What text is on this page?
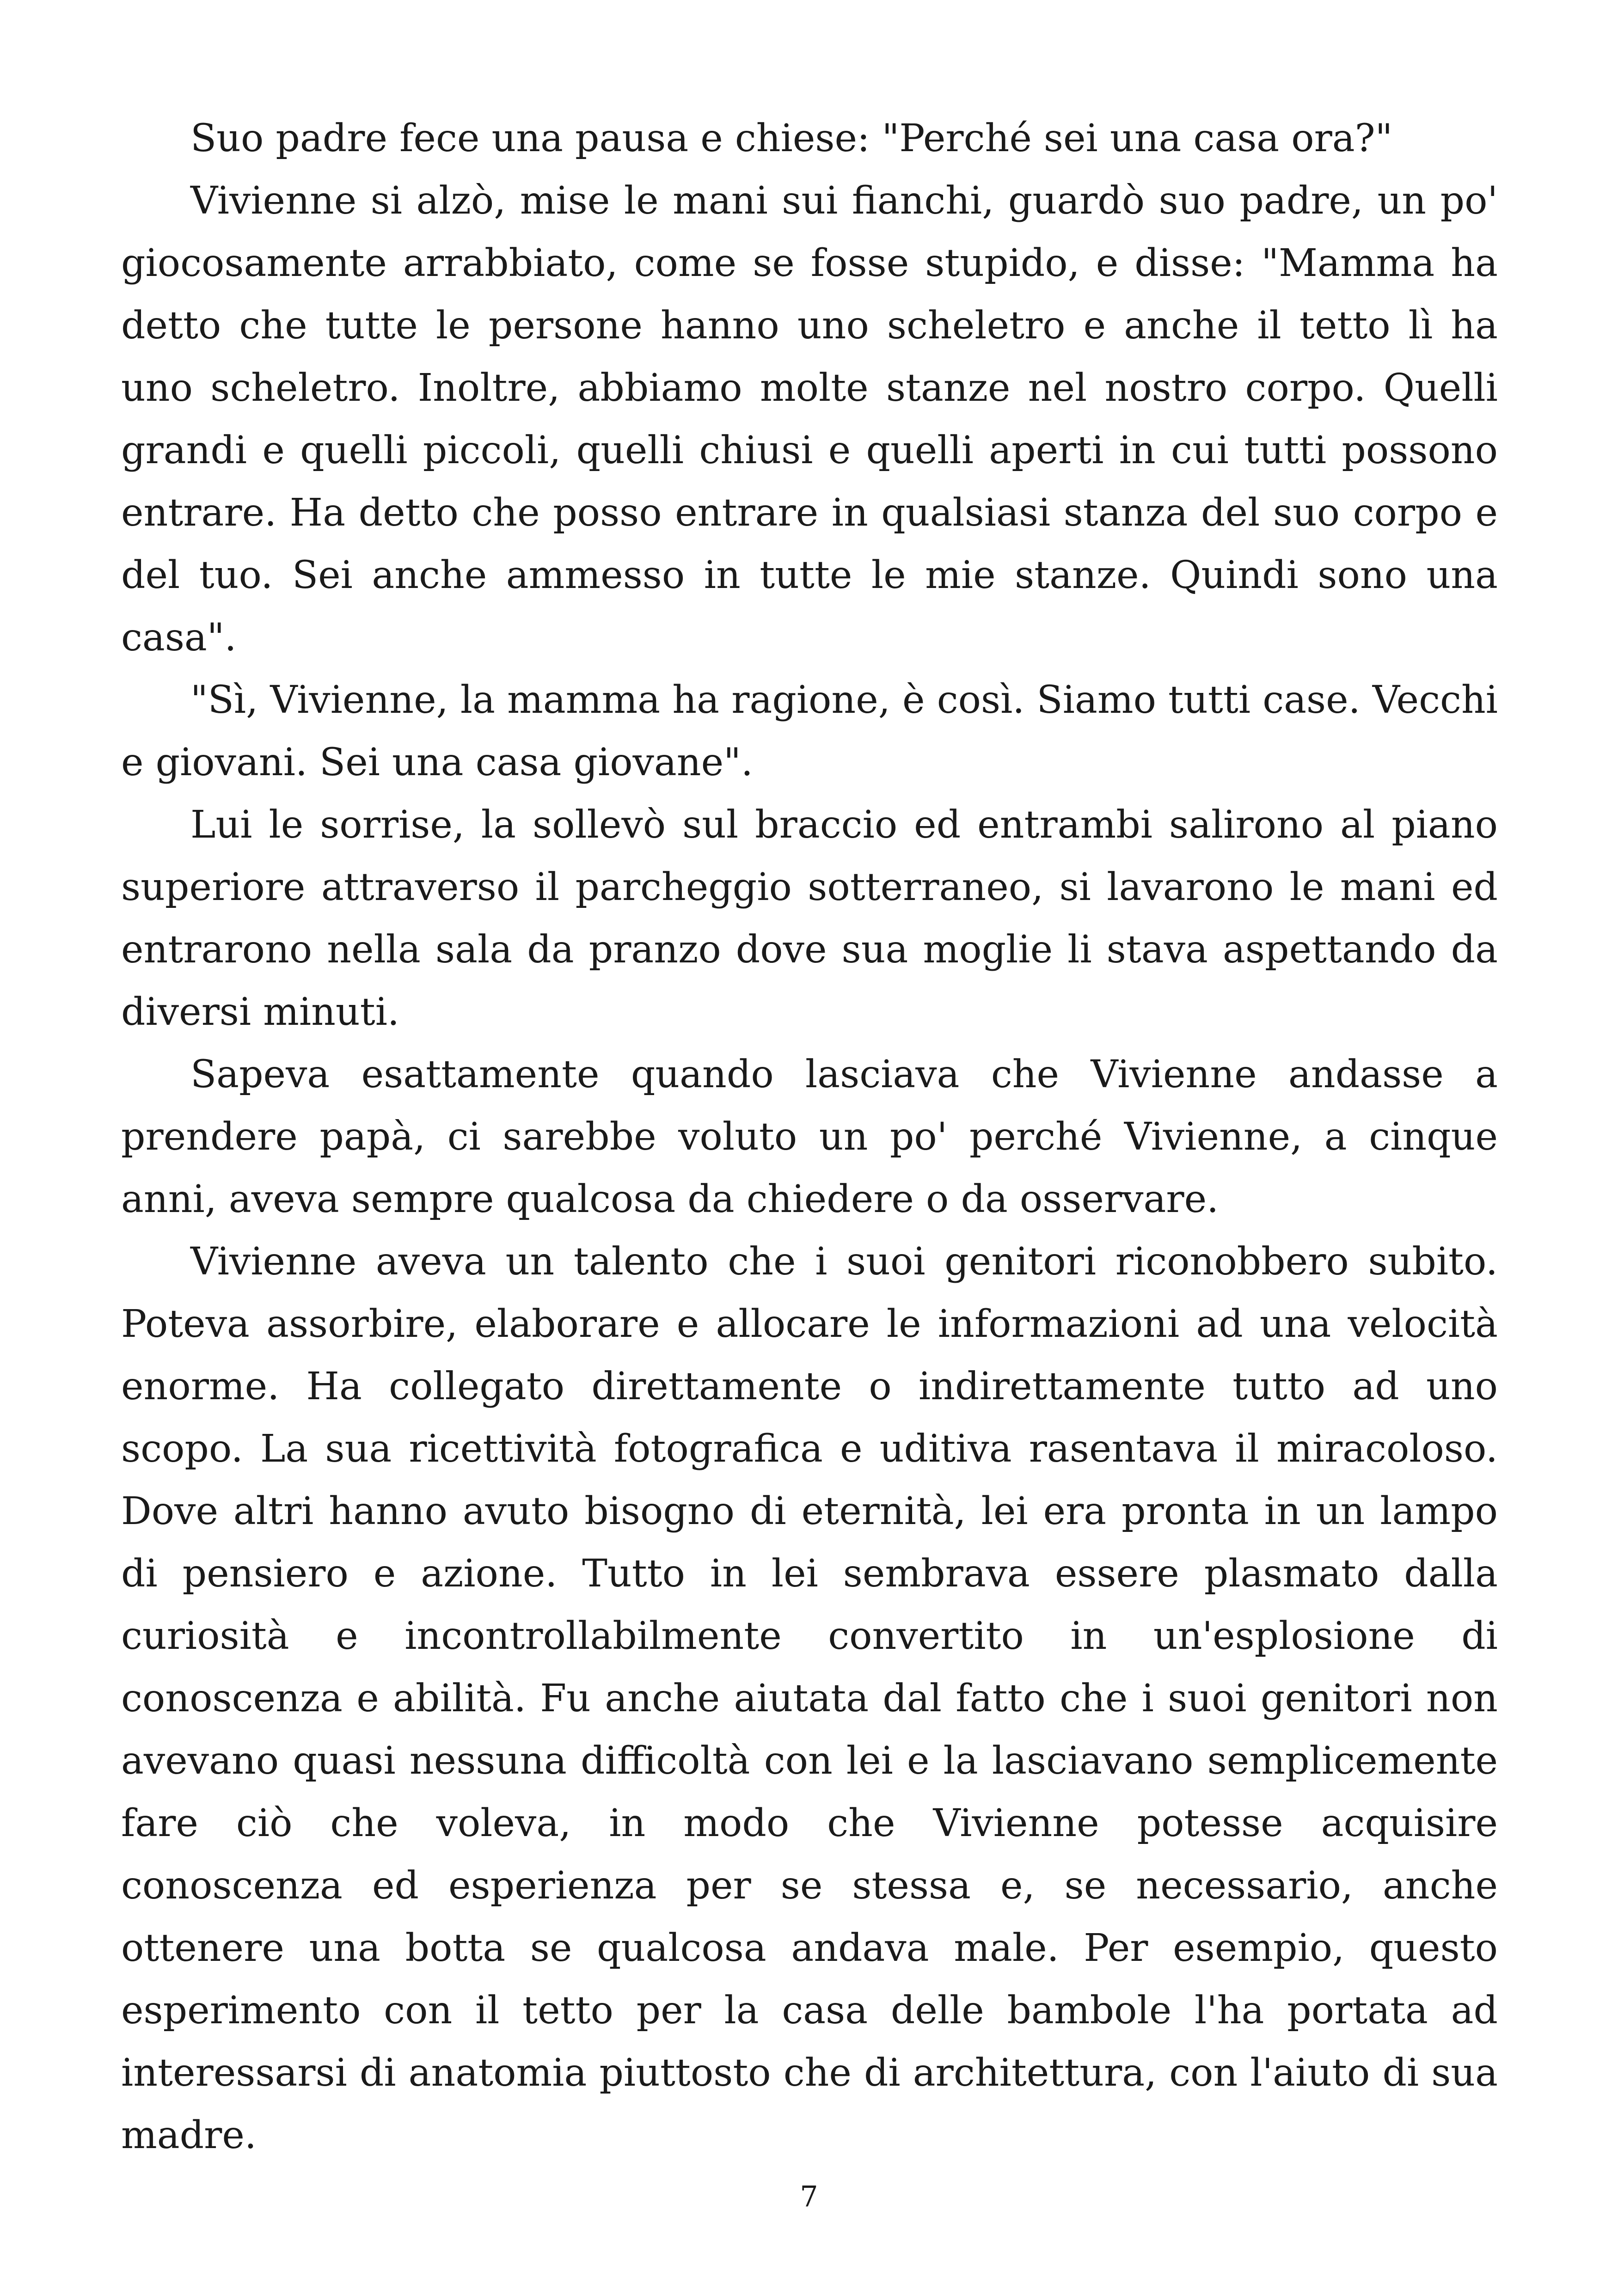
Suo padre fece una pausa e chiese: "Perché sei una casa ora?"

Vivienne si alzò, mise le mani sui fianchi, guardò suo padre, un po' giocosamente arrabbiato, come se fosse stupido, e disse: "Mamma ha detto che tutte le persone hanno uno scheletro e anche il tetto lì ha uno scheletro. Inoltre, abbiamo molte stanze nel nostro corpo. Quelli grandi e quelli piccoli, quelli chiusi e quelli aperti in cui tutti possono entrare. Ha detto che posso entrare in qualsiasi stanza del suo corpo e del tuo. Sei anche ammesso in tutte le mie stanze. Quindi sono una casa".

"Sì, Vivienne, la mamma ha ragione, è così. Siamo tutti case. Vecchi e giovani. Sei una casa giovane".

Lui le sorrise, la sollevò sul braccio ed entrambi salirono al piano superiore attraverso il parcheggio sotterraneo, si lavarono le mani ed entrarono nella sala da pranzo dove sua moglie li stava aspettando da diversi minuti.

Sapeva esattamente quando lasciava che Vivienne andasse a prendere papà, ci sarebbe voluto un po' perché Vivienne, a cinque anni, aveva sempre qualcosa da chiedere o da osservare.

Vivienne aveva un talento che i suoi genitori riconobbero subito. Poteva assorbire, elaborare e allocare le informazioni ad una velocità enorme. Ha collegato direttamente o indirettamente tutto ad uno scopo. La sua ricettività fotografica e uditiva rasentava il miracoloso. Dove altri hanno avuto bisogno di eternità, lei era pronta in un lampo di pensiero e azione. Tutto in lei sembrava essere plasmato dalla curiosità e incontrollabilmente convertito in un'esplosione di conoscenza e abilità. Fu anche aiutata dal fatto che i suoi genitori non avevano quasi nessuna difficoltà con lei e la lasciavano semplicemente fare ciò che voleva, in modo che Vivienne potesse acquisire conoscenza ed esperienza per se stessa e, se necessario, anche ottenere una botta se qualcosa andava male. Per esempio, questo esperimento con il tetto per la casa delle bambole l'ha portata ad interessarsi di anatomia piuttosto che di architettura, con l'aiuto di sua madre.

7
